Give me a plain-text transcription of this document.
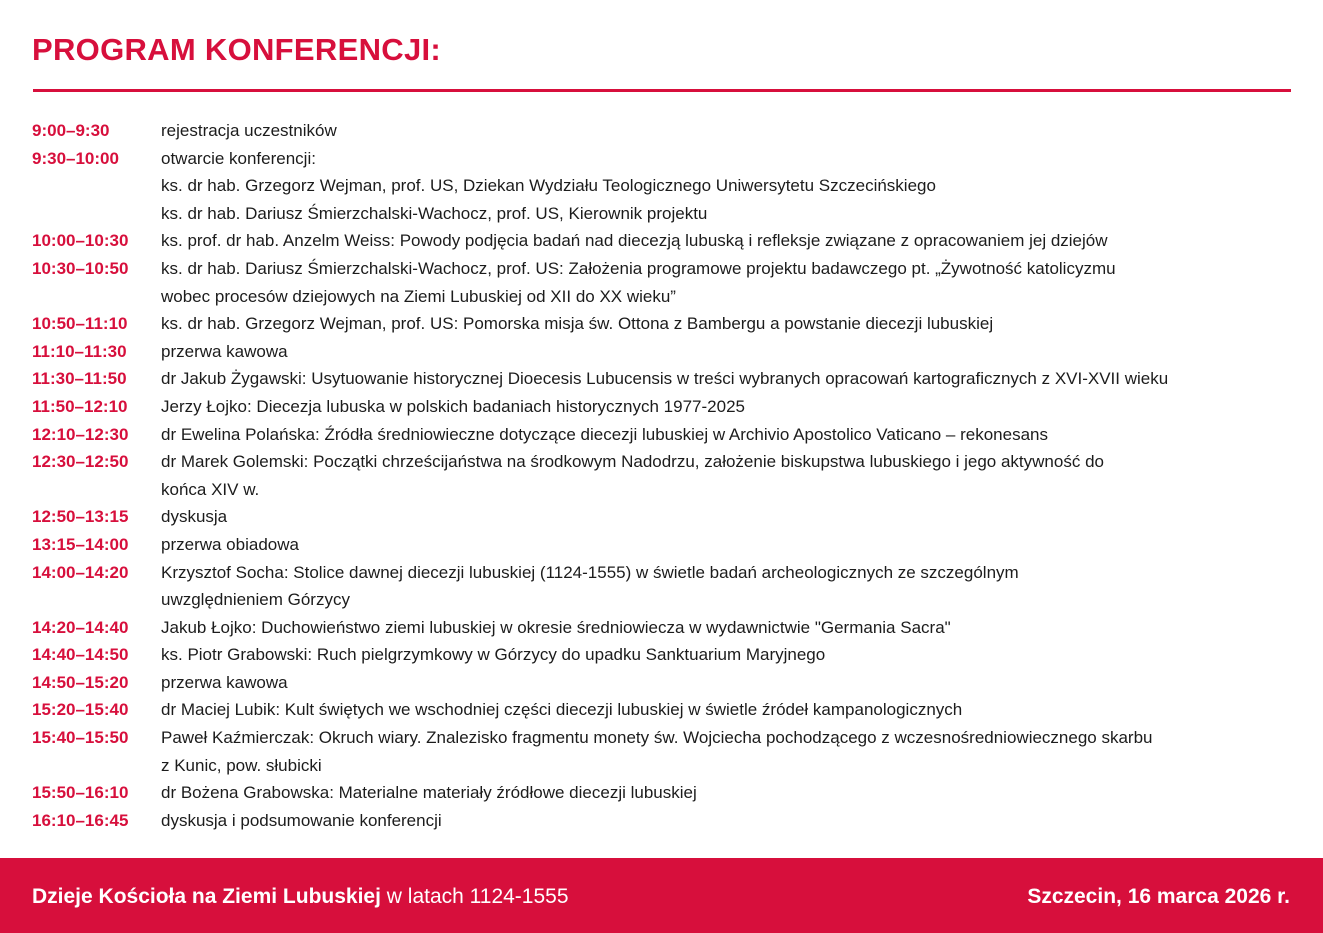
PROGRAM KONFERENCJI:
9:00–9:30	rejestracja uczestników
9:30–10:00	otwarcie konferencji:
ks. dr hab. Grzegorz Wejman, prof. US, Dziekan Wydziału Teologicznego Uniwersytetu Szczecińskiego
ks. dr hab. Dariusz Śmierzchalski-Wachocz, prof. US, Kierownik projektu
10:00–10:30	ks. prof. dr hab. Anzelm Weiss: Powody podjęcia badań nad diecezją lubuską i refleksje związane z opracowaniem jej dziejów
10:30–10:50	ks. dr hab. Dariusz Śmierzchalski-Wachocz, prof. US: Założenia programowe projektu badawczego pt. „Żywotność katolicyzmu
wobec procesów dziejowych na Ziemi Lubuskiej od XII do XX wieku”
10:50–11:10	ks. dr hab. Grzegorz Wejman, prof. US: Pomorska misja św. Ottona z Bambergu a powstanie diecezji lubuskiej
11:10–11:30	przerwa kawowa
11:30–11:50	dr Jakub Żygawski: Usytuowanie historycznej Dioecesis Lubucensis w treści wybranych opracowań kartograficznych z XVI-XVII wieku
11:50–12:10	Jerzy Łojko: Diecezja lubuska w polskich badaniach historycznych 1977-2025
12:10–12:30	dr Ewelina Polańska: Źródła średniowieczne dotyczące diecezji lubuskiej w Archivio Apostolico Vaticano – rekonesans
12:30–12:50	dr Marek Golemski: Początki chrześcijaństwa na środkowym Nadodrzu, założenie biskupstwa lubuskiego i jego aktywność do
końca XIV w.
12:50–13:15	dyskusja
13:15–14:00	przerwa obiadowa
14:00–14:20	Krzysztof Socha: Stolice dawnej diecezji lubuskiej (1124-1555) w świetle badań archeologicznych ze szczególnym
uwzględnieniem Górzycy
14:20–14:40	Jakub Łojko: Duchowieństwo ziemi lubuskiej w okresie średniowiecza w wydawnictwie "Germania Sacra"
14:40–14:50	ks. Piotr Grabowski: Ruch pielgrzymkowy w Górzycy do upadku Sanktuarium Maryjnego
14:50–15:20	przerwa kawowa
15:20–15:40	dr Maciej Lubik: Kult świętych we wschodniej części diecezji lubuskiej w świetle źródeł kampanologicznych
15:40–15:50	Paweł Kaźmierczak: Okruch wiary. Znalezisko fragmentu monety św. Wojciecha pochodzącego z wczesnośredniowiecznego skarbu
z Kunic, pow. słubicki
15:50–16:10	dr Bożena Grabowska: Materialne materiały źródłowe diecezji lubuskiej
16:10–16:45	dyskusja i podsumowanie konferencji
Dzieje Kościoła na Ziemi Lubuskiej w latach 1124-1555	Szczecin, 16 marca 2026 r.
